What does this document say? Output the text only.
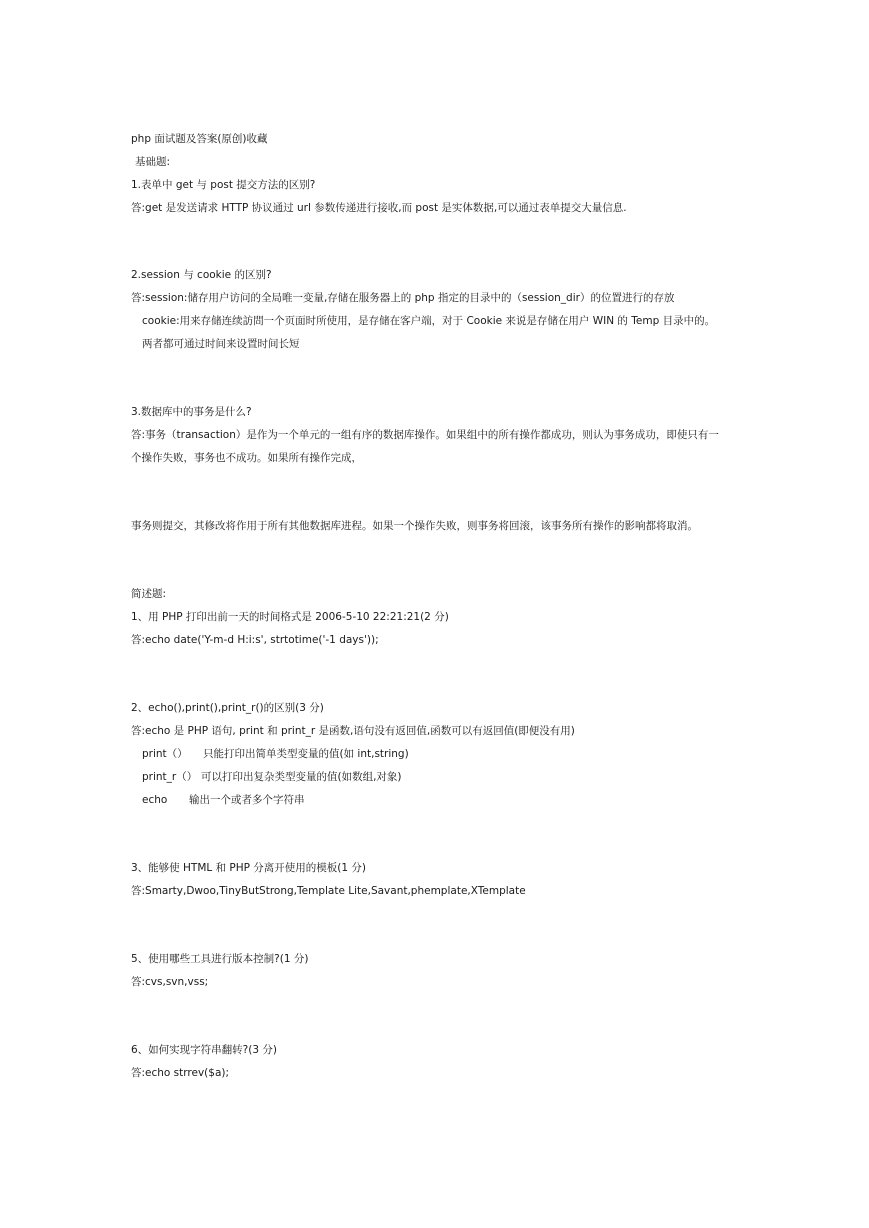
php 面试题及答案(原创)收藏
基础题:
1.表单中 get 与 post 提交方法的区别?
答:get 是发送请求 HTTP 协议通过 url 参数传递进行接收,而 post 是实体数据,可以通过表单提交大量信息.
2.session 与 cookie 的区别?
答:session:储存用户访问的全局唯一变量,存储在服务器上的 php 指定的目录中的（session_dir）的位置进行的存放
cookie:用来存储连续訪問一个页面时所使用，是存储在客户端，对于 Cookie 来说是存储在用户 WIN 的 Temp 目录中的。
两者都可通过时间来设置时间长短
3.数据库中的事务是什么?
答:事务（transaction）是作为一个单元的一组有序的数据库操作。如果组中的所有操作都成功，则认为事务成功，即使只有一
个操作失败，事务也不成功。如果所有操作完成，
事务则提交，其修改将作用于所有其他数据库进程。如果一个操作失败，则事务将回滚，该事务所有操作的影响都将取消。
简述题:
1、用 PHP 打印出前一天的时间格式是 2006-5-10 22:21:21(2 分)
答:echo date('Y-m-d H:i:s', strtotime('-1 days'));
2、echo(),print(),print_r()的区别(3 分)
答:echo 是 PHP 语句, print 和 print_r 是函数,语句没有返回值,函数可以有返回值(即便没有用)
print（） 只能打印出简单类型变量的值(如 int,string)
print_r（） 可以打印出复杂类型变量的值(如数组,对象)
echo 输出一个或者多个字符串
3、能够使 HTML 和 PHP 分离开使用的模板(1 分)
答:Smarty,Dwoo,TinyButStrong,Template Lite,Savant,phemplate,XTemplate
5、使用哪些工具进行版本控制?(1 分)
答:cvs,svn,vss;
6、如何实现字符串翻转?(3 分)
答:echo strrev($a);
